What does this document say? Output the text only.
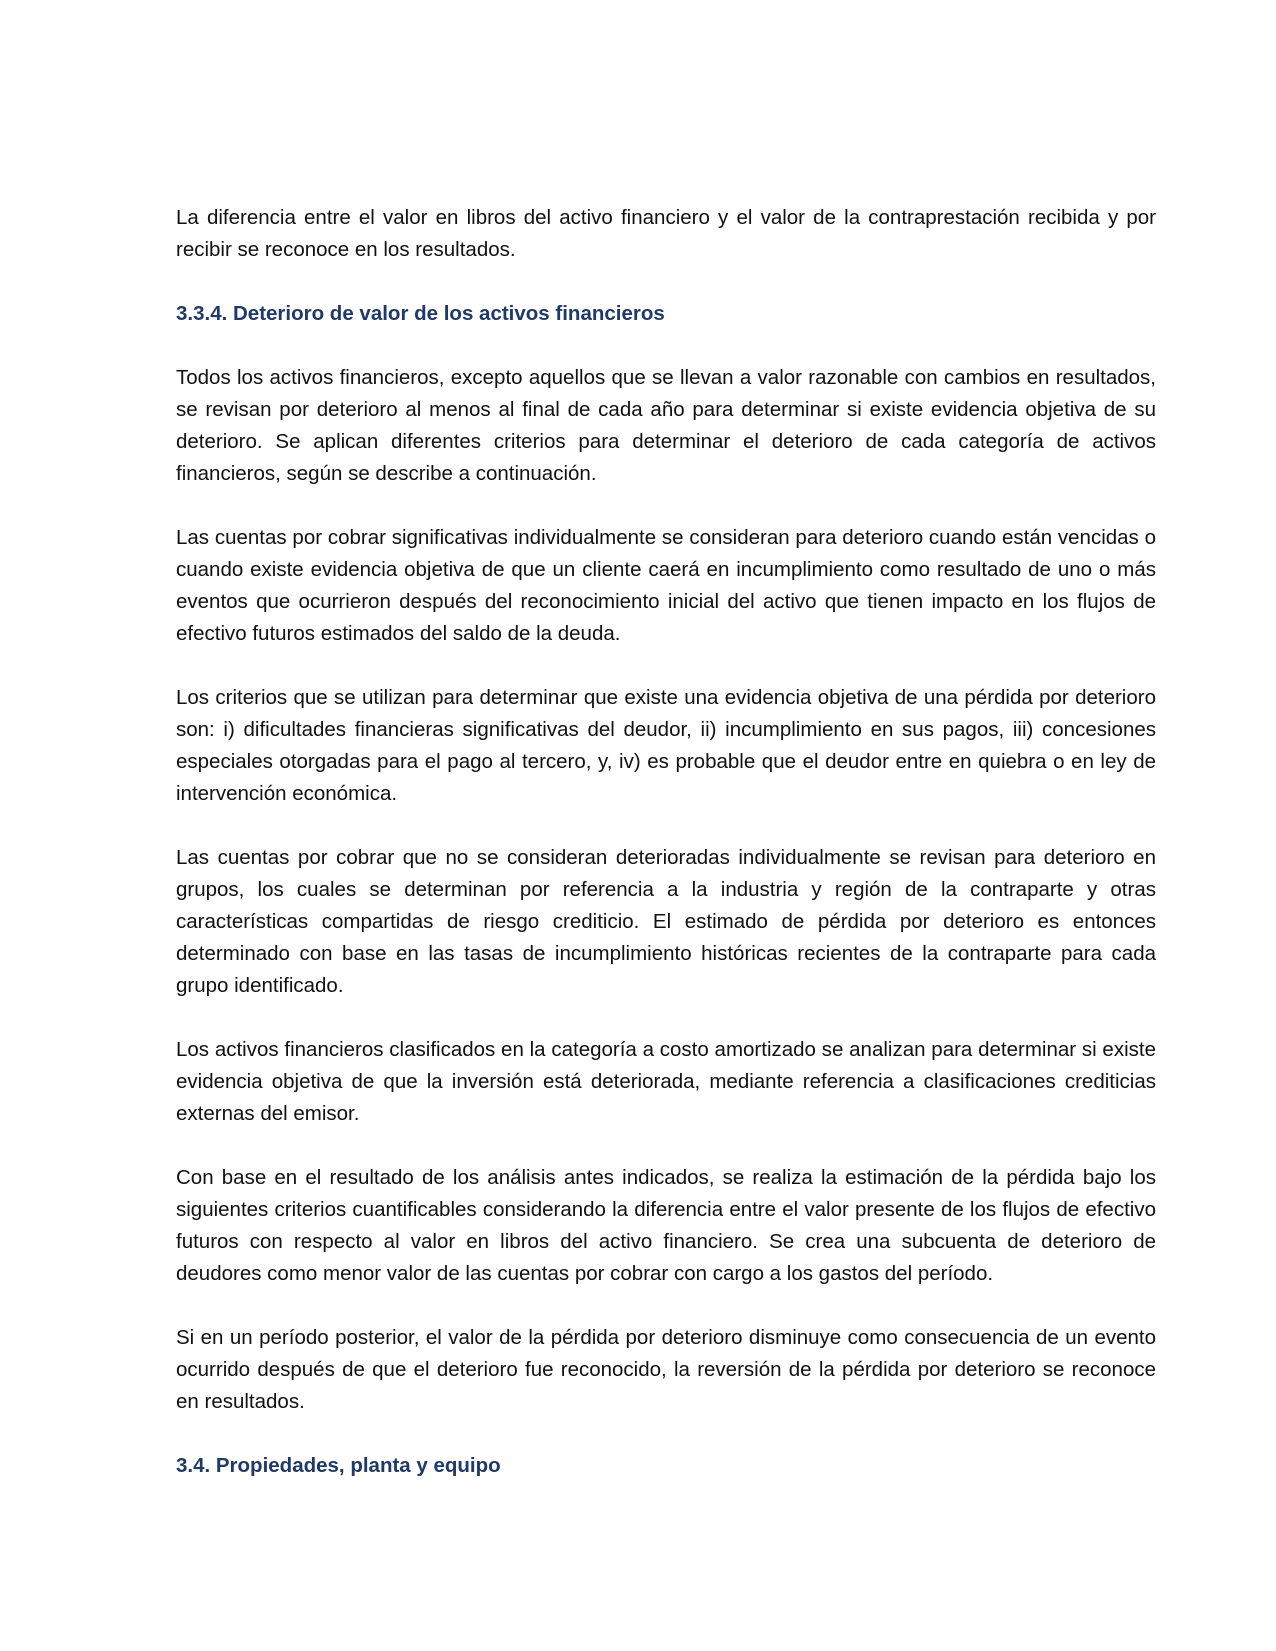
La diferencia entre el valor en libros del activo financiero y el valor de la contraprestación recibida y por recibir se reconoce en los resultados.

3.3.4. Deterioro de valor de los activos financieros

Todos los activos financieros, excepto aquellos que se llevan a valor razonable con cambios en resultados, se revisan por deterioro al menos al final de cada año para determinar si existe evidencia objetiva de su deterioro. Se aplican diferentes criterios para determinar el deterioro de cada categoría de activos financieros, según se describe a continuación.

Las cuentas por cobrar significativas individualmente se consideran para deterioro cuando están vencidas o cuando existe evidencia objetiva de que un cliente caerá en incumplimiento como resultado de uno o más eventos que ocurrieron después del reconocimiento inicial del activo que tienen impacto en los flujos de efectivo futuros estimados del saldo de la deuda.

Los criterios que se utilizan para determinar que existe una evidencia objetiva de una pérdida por deterioro son: i) dificultades financieras significativas del deudor, ii) incumplimiento en sus pagos, iii) concesiones especiales otorgadas para el pago al tercero, y, iv) es probable que el deudor entre en quiebra o en ley de intervención económica.

Las cuentas por cobrar que no se consideran deterioradas individualmente se revisan para deterioro en grupos, los cuales se determinan por referencia a la industria y región de la contraparte y otras características compartidas de riesgo crediticio. El estimado de pérdida por deterioro es entonces determinado con base en las tasas de incumplimiento históricas recientes de la contraparte para cada grupo identificado.

Los activos financieros clasificados en la categoría a costo amortizado se analizan para determinar si existe evidencia objetiva de que la inversión está deteriorada, mediante referencia a clasificaciones crediticias externas del emisor.

Con base en el resultado de los análisis antes indicados, se realiza la estimación de la pérdida bajo los siguientes criterios cuantificables considerando la diferencia entre el valor presente de los flujos de efectivo futuros con respecto al valor en libros del activo financiero. Se crea una subcuenta de deterioro de deudores como menor valor de las cuentas por cobrar con cargo a los gastos del período.

Si en un período posterior, el valor de la pérdida por deterioro disminuye como consecuencia de un evento ocurrido después de que el deterioro fue reconocido, la reversión de la pérdida por deterioro se reconoce en resultados.

3.4. Propiedades, planta y equipo
